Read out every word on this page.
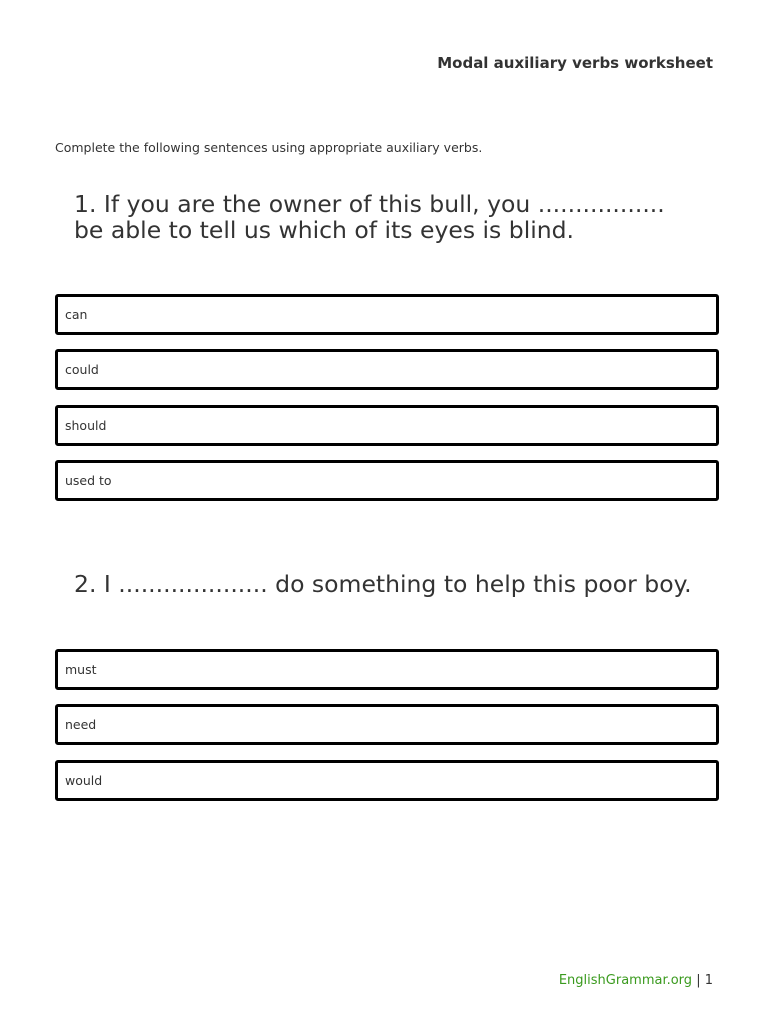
Modal auxiliary verbs worksheet
Complete the following sentences using appropriate auxiliary verbs.
1. If you are the owner of this bull, you ................. be able to tell us which of its eyes is blind.
can
could
should
used to
2. I .................... do something to help this poor boy.
must
need
would
EnglishGrammar.org | 1
